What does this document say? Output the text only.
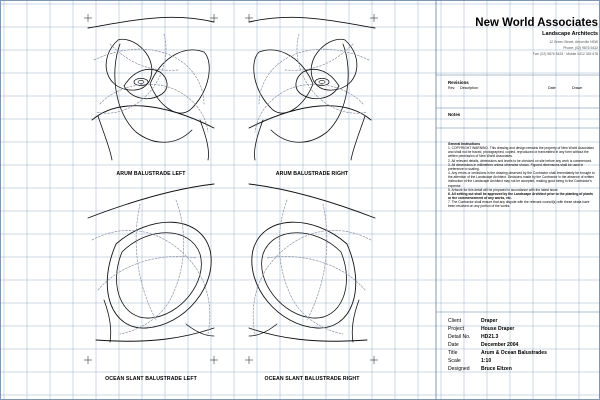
ARUM BALUSTRADE LEFT	ARUM BALUSTRADE RIGHT
OCEAN SLANT BALUSTRADE LEFT	OCEAN SLANT BALUSTRADE RIGHT
New World Associates
Landscape Architects
12 Green Street, Arborville NSW
Phone: (02) 9876 5432
Fax: (02) 9876 5433 · Mobile 0412 345 678
Revisions
Rev. Description	Date	Drawn
Notes

General Instructions

1. COPYRIGHT WARNING. This drawing and design remains the property of New World Associates and shall not be traced, photographed, copied, reproduced or transmitted in any form without the written permission of New World Associates.

2. All relevant details, dimensions and levels to be checked on site before any work is commenced.

3. All dimensions in millimetres unless otherwise shown. Figured dimensions shall be used in preference to scaling.

4. Any errors or omissions in the drawing observed by the Contractor shall immediately be brought to the attention of the Landscape Architect. Decisions made by the Contractor in the absence of written instruction of the Landscape Architect may not be accepted, making good being to the Contractor's expense.

5. Artwork for this detail will be prepared in accordance with the latest issue.

6. All setting out shall be approved by the Landscape Architect prior to the planting of plants or the commencement of any works, etc.

7. The Contractor shall ensure that any dispute with the relevant council(s) with these strata have been resolved on any portion of the works.

Client	Draper
Project	House Draper
Detail No. HD21.3
Date	December 2004
Title	Arum & Ocean Balustrades
Scale	1:10
Designed Bruce Eltzen
